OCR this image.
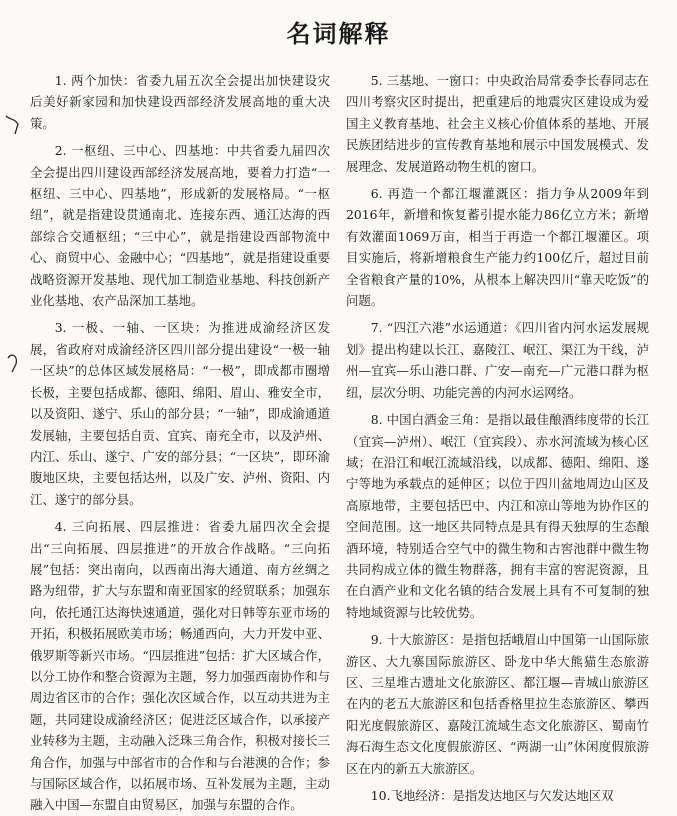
名词解释

1. 两个加快：省委九届五次全会提出加快建设灾后美好新家园和加快建设西部经济发展高地的重大决策。

2. 一枢纽、三中心、四基地：中共省委九届四次全会提出四川建设西部经济发展高地，要着力打造“一枢纽、三中心、四基地”，形成新的发展格局。“一枢纽”，就是指建设贯通南北、连接东西、通江达海的西部综合交通枢纽；“三中心”，就是指建设西部物流中心、商贸中心、金融中心；“四基地”，就是指建设重要战略资源开发基地、现代加工制造业基地、科技创新产业化基地、农产品深加工基地。

3. 一极、一轴、一区块：为推进成渝经济区发展，省政府对成渝经济区四川部分提出建设“一极一轴一区块”的总体区域发展格局：“一极”，即成都市圈增长极，主要包括成都、德阳、绵阳、眉山、雅安全市，以及资阳、遂宁、乐山的部分县；“一轴”，即成渝通道发展轴，主要包括自贡、宜宾、南充全市，以及泸州、内江、乐山、遂宁、广安的部分县；“一区块”，即环渝腹地区块，主要包括达州，以及广安、泸州、资阳、内江、遂宁的部分县。

4. 三向拓展、四层推进：省委九届四次全会提出“三向拓展、四层推进”的开放合作战略。“三向拓展”包括：突出南向，以西南出海大通道、南方丝绸之路为纽带，扩大与东盟和南亚国家的经贸联系；加强东向，依托通江达海快速通道，强化对日韩等东亚市场的开拓，积极拓展欧美市场；畅通西向，大力开发中亚、俄罗斯等新兴市场。“四层推进”包括：扩大区域合作，以分工协作和整合资源为主题，努力加强西南协作和与周边省区市的合作；强化次区域合作，以互动共进为主题，共同建设成渝经济区；促进泛区域合作，以承接产业转移为主题，主动融入泛珠三角合作，积极对接长三角合作，加强与中部省市的合作和与台港澳的合作；参与国际区域合作，以拓展市场、互补发展为主题，主动融入中国—东盟自由贸易区，加强与东盟的合作。

5. 三基地、一窗口：中央政治局常委李长春同志在四川考察灾区时提出，把重建后的地震灾区建设成为爱国主义教育基地、社会主义核心价值体系的基地、开展民族团结进步的宣传教育基地和展示中国发展模式、发展理念、发展道路动物生机的窗口。

6. 再造一个都江堰灌溉区：指力争从2009年到2016年，新增和恢复蓄引提水能力86亿立方米；新增有效灌面1069万亩，相当于再造一个都江堰灌区。项目实施后，将新增粮食生产能力约100亿斤，超过目前全省粮食产量的10%，从根本上解决四川“靠天吃饭”的问题。

7. “四江六港”水运通道：《四川省内河水运发展规划》提出构建以长江、嘉陵江、岷江、渠江为干线，泸州—宜宾—乐山港口群、广安—南充—广元港口群为枢纽，层次分明、功能完善的内河水运网络。

8. 中国白酒金三角：是指以最佳酿酒纬度带的长江（宜宾—泸州）、岷江（宜宾段）、赤水河流域为核心区域；在沿江和岷江流域沿线，以成都、德阳、绵阳、遂宁等地为承载点的延伸区；以位于四川盆地周边山区及高原地带，主要包括巴中、内江和凉山等地为协作区的空间范围。这一地区共同特点是具有得天独厚的生态酿酒环境，特别适合空气中的微生物和古窖池群中微生物共同构成立体的微生物群落，拥有丰富的窖泥资源，且在白酒产业和文化名镇的结合发展上具有不可复制的独特地域资源与比较优势。

9. 十大旅游区：是指包括峨眉山中国第一山国际旅游区、大九寨国际旅游区、卧龙中华大熊猫生态旅游区、三星堆古遗址文化旅游区、都江堰—青城山旅游区在内的老五大旅游区和包括香格里拉生态旅游区、攀西阳光度假旅游区、嘉陵江流域生态文化旅游区、蜀南竹海石海生态文化度假旅游区、“两湖一山”休闲度假旅游区在内的新五大旅游区。

10.飞地经济：是指发达地区与欠发达地区双
